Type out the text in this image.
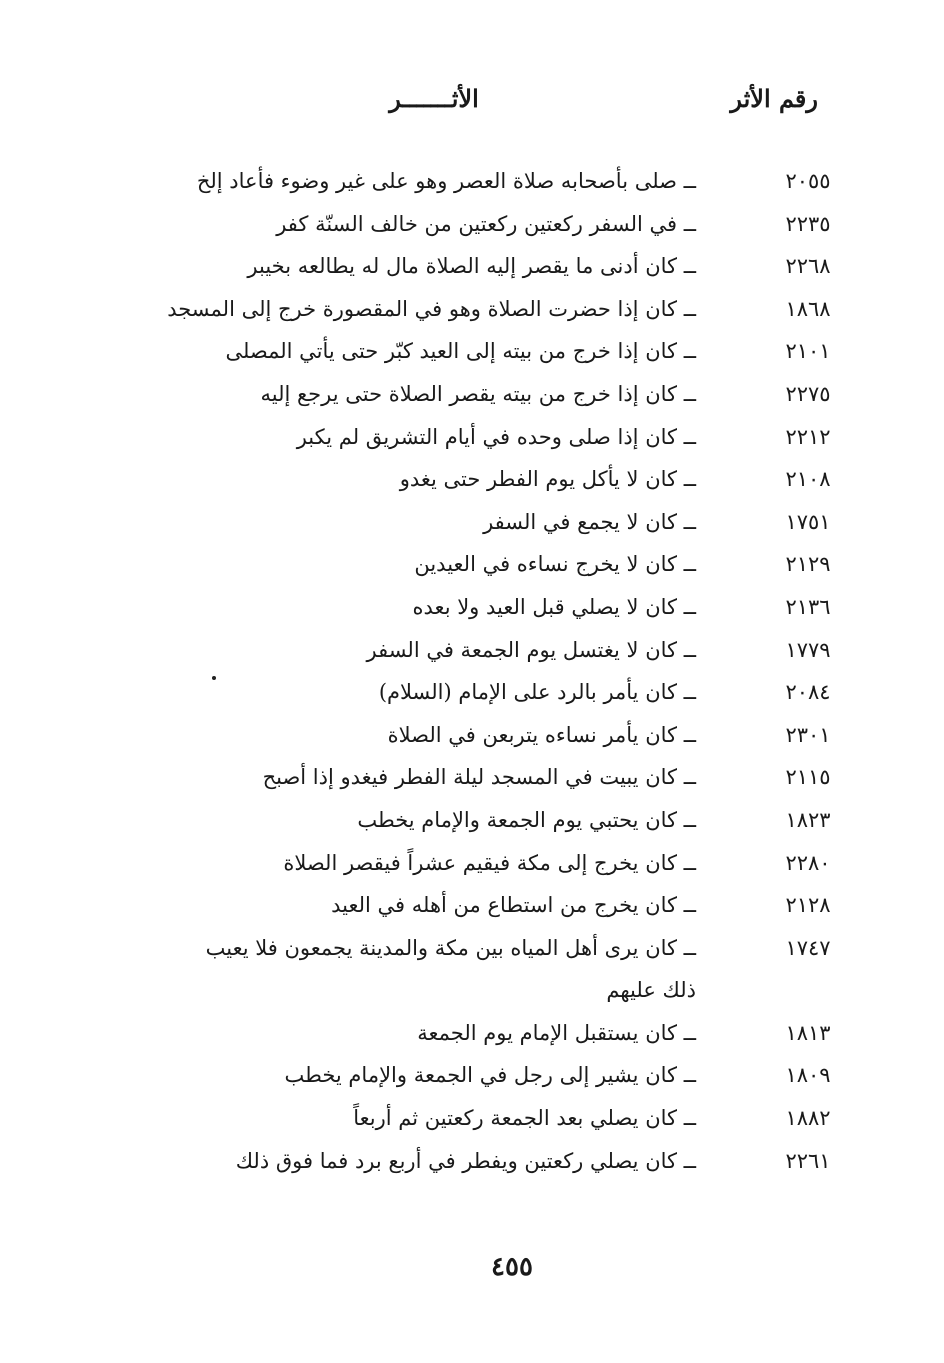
رقم الأثر
الأثـــــــر
٢٠٥٥
ــ صلى بأصحابه صلاة العصر وهو على غير وضوء فأعاد إلخ
٢٢٣٥
ــ في السفر ركعتين ركعتين من خالف السنّة كفر
٢٢٦٨
ــ كان أدنى ما يقصر إليه الصلاة مال له يطالعه بخيبر
١٨٦٨
ــ كان إذا حضرت الصلاة وهو في المقصورة خرج إلى المسجد
٢١٠١
ــ كان إذا خرج من بيته إلى العيد كبّر حتى يأتي المصلى
٢٢٧٥
ــ كان إذا خرج من بيته يقصر الصلاة حتى يرجع إليه
٢٢١٢
ــ كان إذا صلى وحده في أيام التشريق لم يكبر
٢١٠٨
ــ كان لا يأكل يوم الفطر حتى يغدو
١٧٥١
ــ كان لا يجمع في السفر
٢١٢٩
ــ كان لا يخرج نساءه في العيدين
٢١٣٦
ــ كان لا يصلي قبل العيد ولا بعده
١٧٧٩
ــ كان لا يغتسل يوم الجمعة في السفر
٢٠٨٤
ــ كان يأمر بالرد على الإمام (السلام)
٢٣٠١
ــ كان يأمر نساءه يتربعن في الصلاة
٢١١٥
ــ كان يبيت في المسجد ليلة الفطر فيغدو إذا أصبح
١٨٢٣
ــ كان يحتبي يوم الجمعة والإمام يخطب
٢٢٨٠
ــ كان يخرج إلى مكة فيقيم عشراً فيقصر الصلاة
٢١٢٨
ــ كان يخرج من استطاع من أهله في العيد
١٧٤٧
ــ كان يرى أهل المياه بين مكة والمدينة يجمعون فلا يعيب ذلك عليهم
١٨١٣
ــ كان يستقبل الإمام يوم الجمعة
١٨٠٩
ــ كان يشير إلى رجل في الجمعة والإمام يخطب
١٨٨٢
ــ كان يصلي بعد الجمعة ركعتين ثم أربعاً
٢٢٦١
ــ كان يصلي ركعتين ويفطر في أربع برد فما فوق ذلك
٤٥٥
